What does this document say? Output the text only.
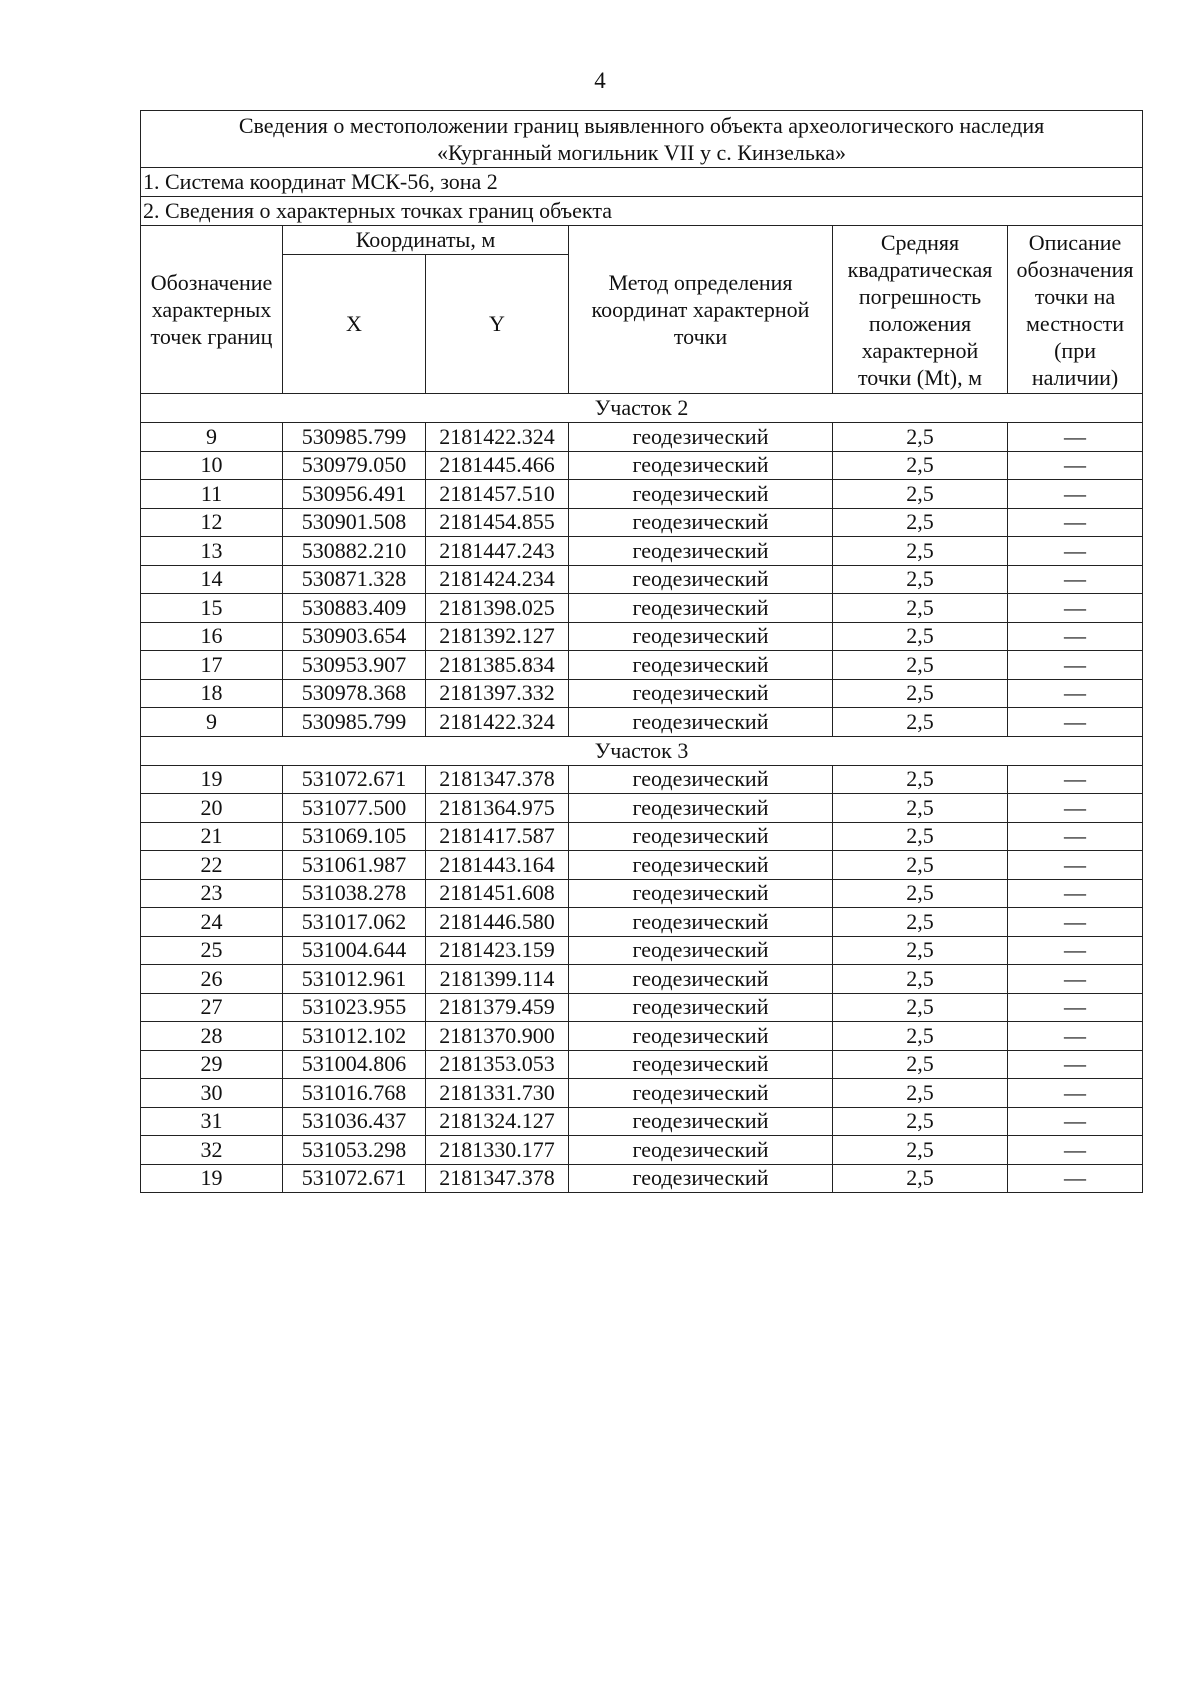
4
Сведения о местоположении границ выявленного объекта археологического наследия
«Курганный могильник VII у с. Кинзелька»					

1. Система координат МСК-56, зона 2					
2. Сведения о характерных точках границ объекта					
Обозначение характерных точек границ	Координаты, м		Метод определения координат характерной точки	Средняя квадратическая погрешность положения характерной точки (Mt), м	Описание обозначения точки на местности (при наличии)
	X	Y			
Участок 2					
9	530985.799	2181422.324	геодезический	2,5	—
10	530979.050	2181445.466	геодезический	2,5	—
11	530956.491	2181457.510	геодезический	2,5	—
12	530901.508	2181454.855	геодезический	2,5	—
13	530882.210	2181447.243	геодезический	2,5	—
14	530871.328	2181424.234	геодезический	2,5	—
15	530883.409	2181398.025	геодезический	2,5	—
16	530903.654	2181392.127	геодезический	2,5	—
17	530953.907	2181385.834	геодезический	2,5	—
18	530978.368	2181397.332	геодезический	2,5	—
9	530985.799	2181422.324	геодезический	2,5	—
Участок 3					
19	531072.671	2181347.378	геодезический	2,5	—
20	531077.500	2181364.975	геодезический	2,5	—
21	531069.105	2181417.587	геодезический	2,5	—
22	531061.987	2181443.164	геодезический	2,5	—
23	531038.278	2181451.608	геодезический	2,5	—
24	531017.062	2181446.580	геодезический	2,5	—
25	531004.644	2181423.159	геодезический	2,5	—
26	531012.961	2181399.114	геодезический	2,5	—
27	531023.955	2181379.459	геодезический	2,5	—
28	531012.102	2181370.900	геодезический	2,5	—
29	531004.806	2181353.053	геодезический	2,5	—
30	531016.768	2181331.730	геодезический	2,5	—
31	531036.437	2181324.127	геодезический	2,5	—
32	531053.298	2181330.177	геодезический	2,5	—
19	531072.671	2181347.378	геодезический	2,5	—
